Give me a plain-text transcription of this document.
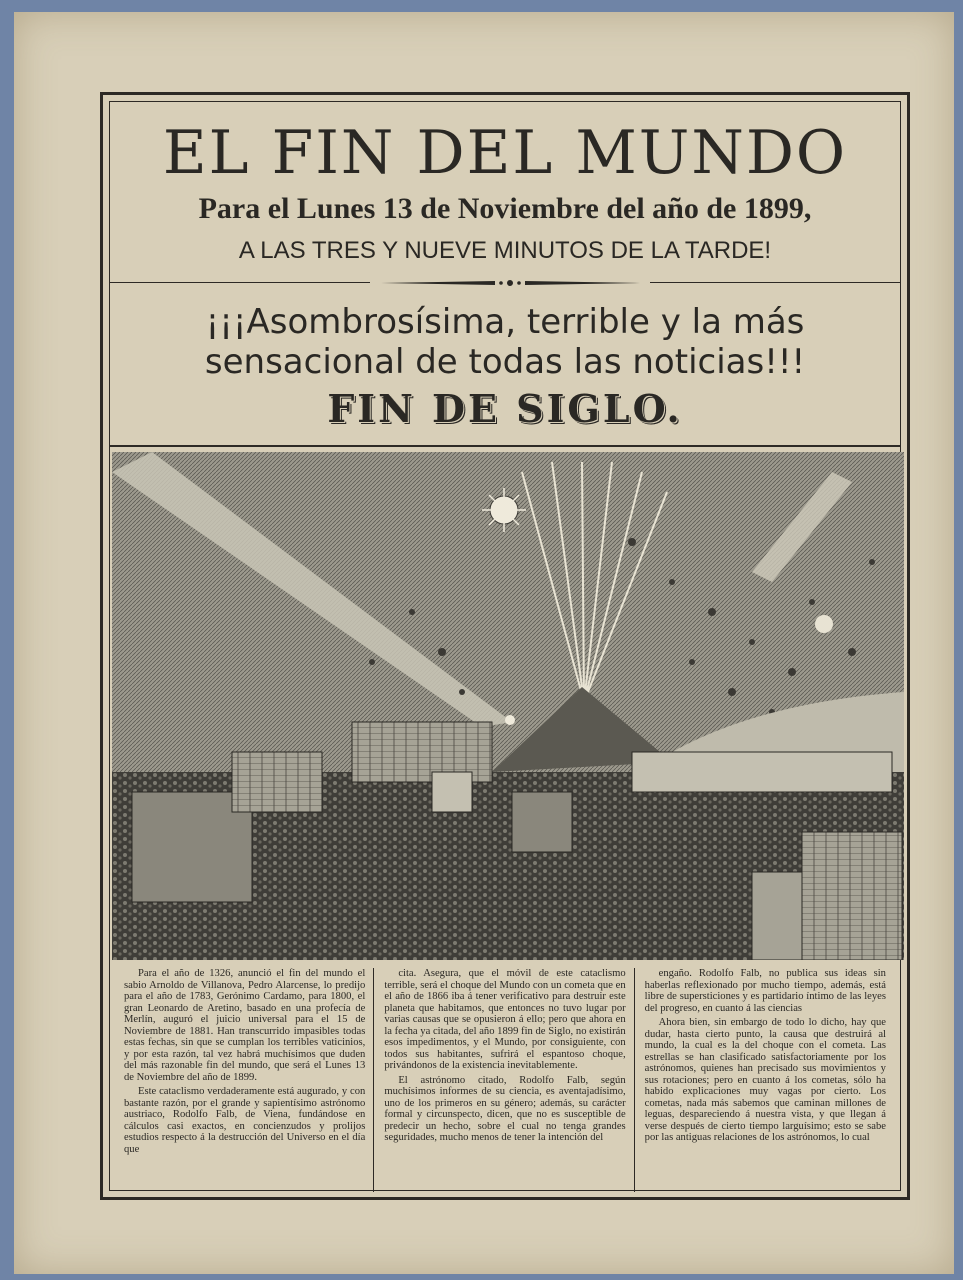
EL FIN DEL MUNDO
Para el Lunes 13 de Noviembre del año de 1899,
A LAS TRES Y NUEVE MINUTOS DE LA TARDE!
¡¡¡Asombrosísima, terrible y la más
sensacional de todas las noticias!!!
FIN DE SIGLO.

Para el año de 1326, anunció el fin del mundo el sabio Arnoldo de Villanova, Pedro Alarcense, lo predijo para el año de 1783, Gerónimo Cardamo, para 1800, el gran Leonardo de Aretino, basado en una profecía de Merlín, auguró el juicio universal para el 15 de Noviembre de 1881. Han transcurrido impasibles todas estas fechas, sin que se cumplan los terribles vaticinios, y por esta razón, tal vez habrá muchísimos que duden del más razonable fin del mundo, que será el Lunes 13 de Noviembre del año de 1899.

Este cataclismo verdaderamente está augurado, y con bastante razón, por el grande y sapientísimo astrónomo austriaco, Rodolfo Falb, de Viena, fundándose en cálculos casi exactos, en concienzudos y prolijos estudios respecto á la destrucción del Universo en el día que

cita. Asegura, que el móvil de este cataclismo terrible, será el choque del Mundo con un cometa que en el año de 1866 iba á tener verificativo para destruir este planeta que habitamos, que entonces no tuvo lugar por varias causas que se opusieron á ello; pero que ahora en la fecha ya citada, del año 1899 fin de Siglo, no existirán esos impedimentos, y el Mundo, por consiguiente, con todos sus habitantes, sufrirá el espantoso choque, privándonos de la existencia inevitablemente.

El astrónomo citado, Rodolfo Falb, según muchísimos informes de su ciencia, es aventajadísimo, uno de los primeros en su género; además, su carácter formal y circunspecto, dicen, que no es susceptible de predecir un hecho, sobre el cual no tenga grandes seguridades, mucho menos de tener la intención del

engaño. Rodolfo Falb, no publica sus ideas sin haberlas reflexionado por mucho tiempo, además, está libre de supersticiones y es partidario íntimo de las leyes del progreso, en cuanto á las ciencias

Ahora bien, sin embargo de todo lo dicho, hay que dudar, hasta cierto punto, la causa que destruirá al mundo, la cual es la del choque con el cometa. Las estrellas se han clasificado satisfactoriamente por los astrónomos, quienes han precisado sus movimientos y sus rotaciones; pero en cuanto á los cometas, sólo ha habido explicaciones muy vagas por cierto. Los cometas, nada más sabemos que caminan millones de leguas, despareciendo á nuestra vista, y que llegan á verse después de cierto tiempo larguísimo; esto se sabe por las antiguas relaciones de los astrónomos, lo cual
